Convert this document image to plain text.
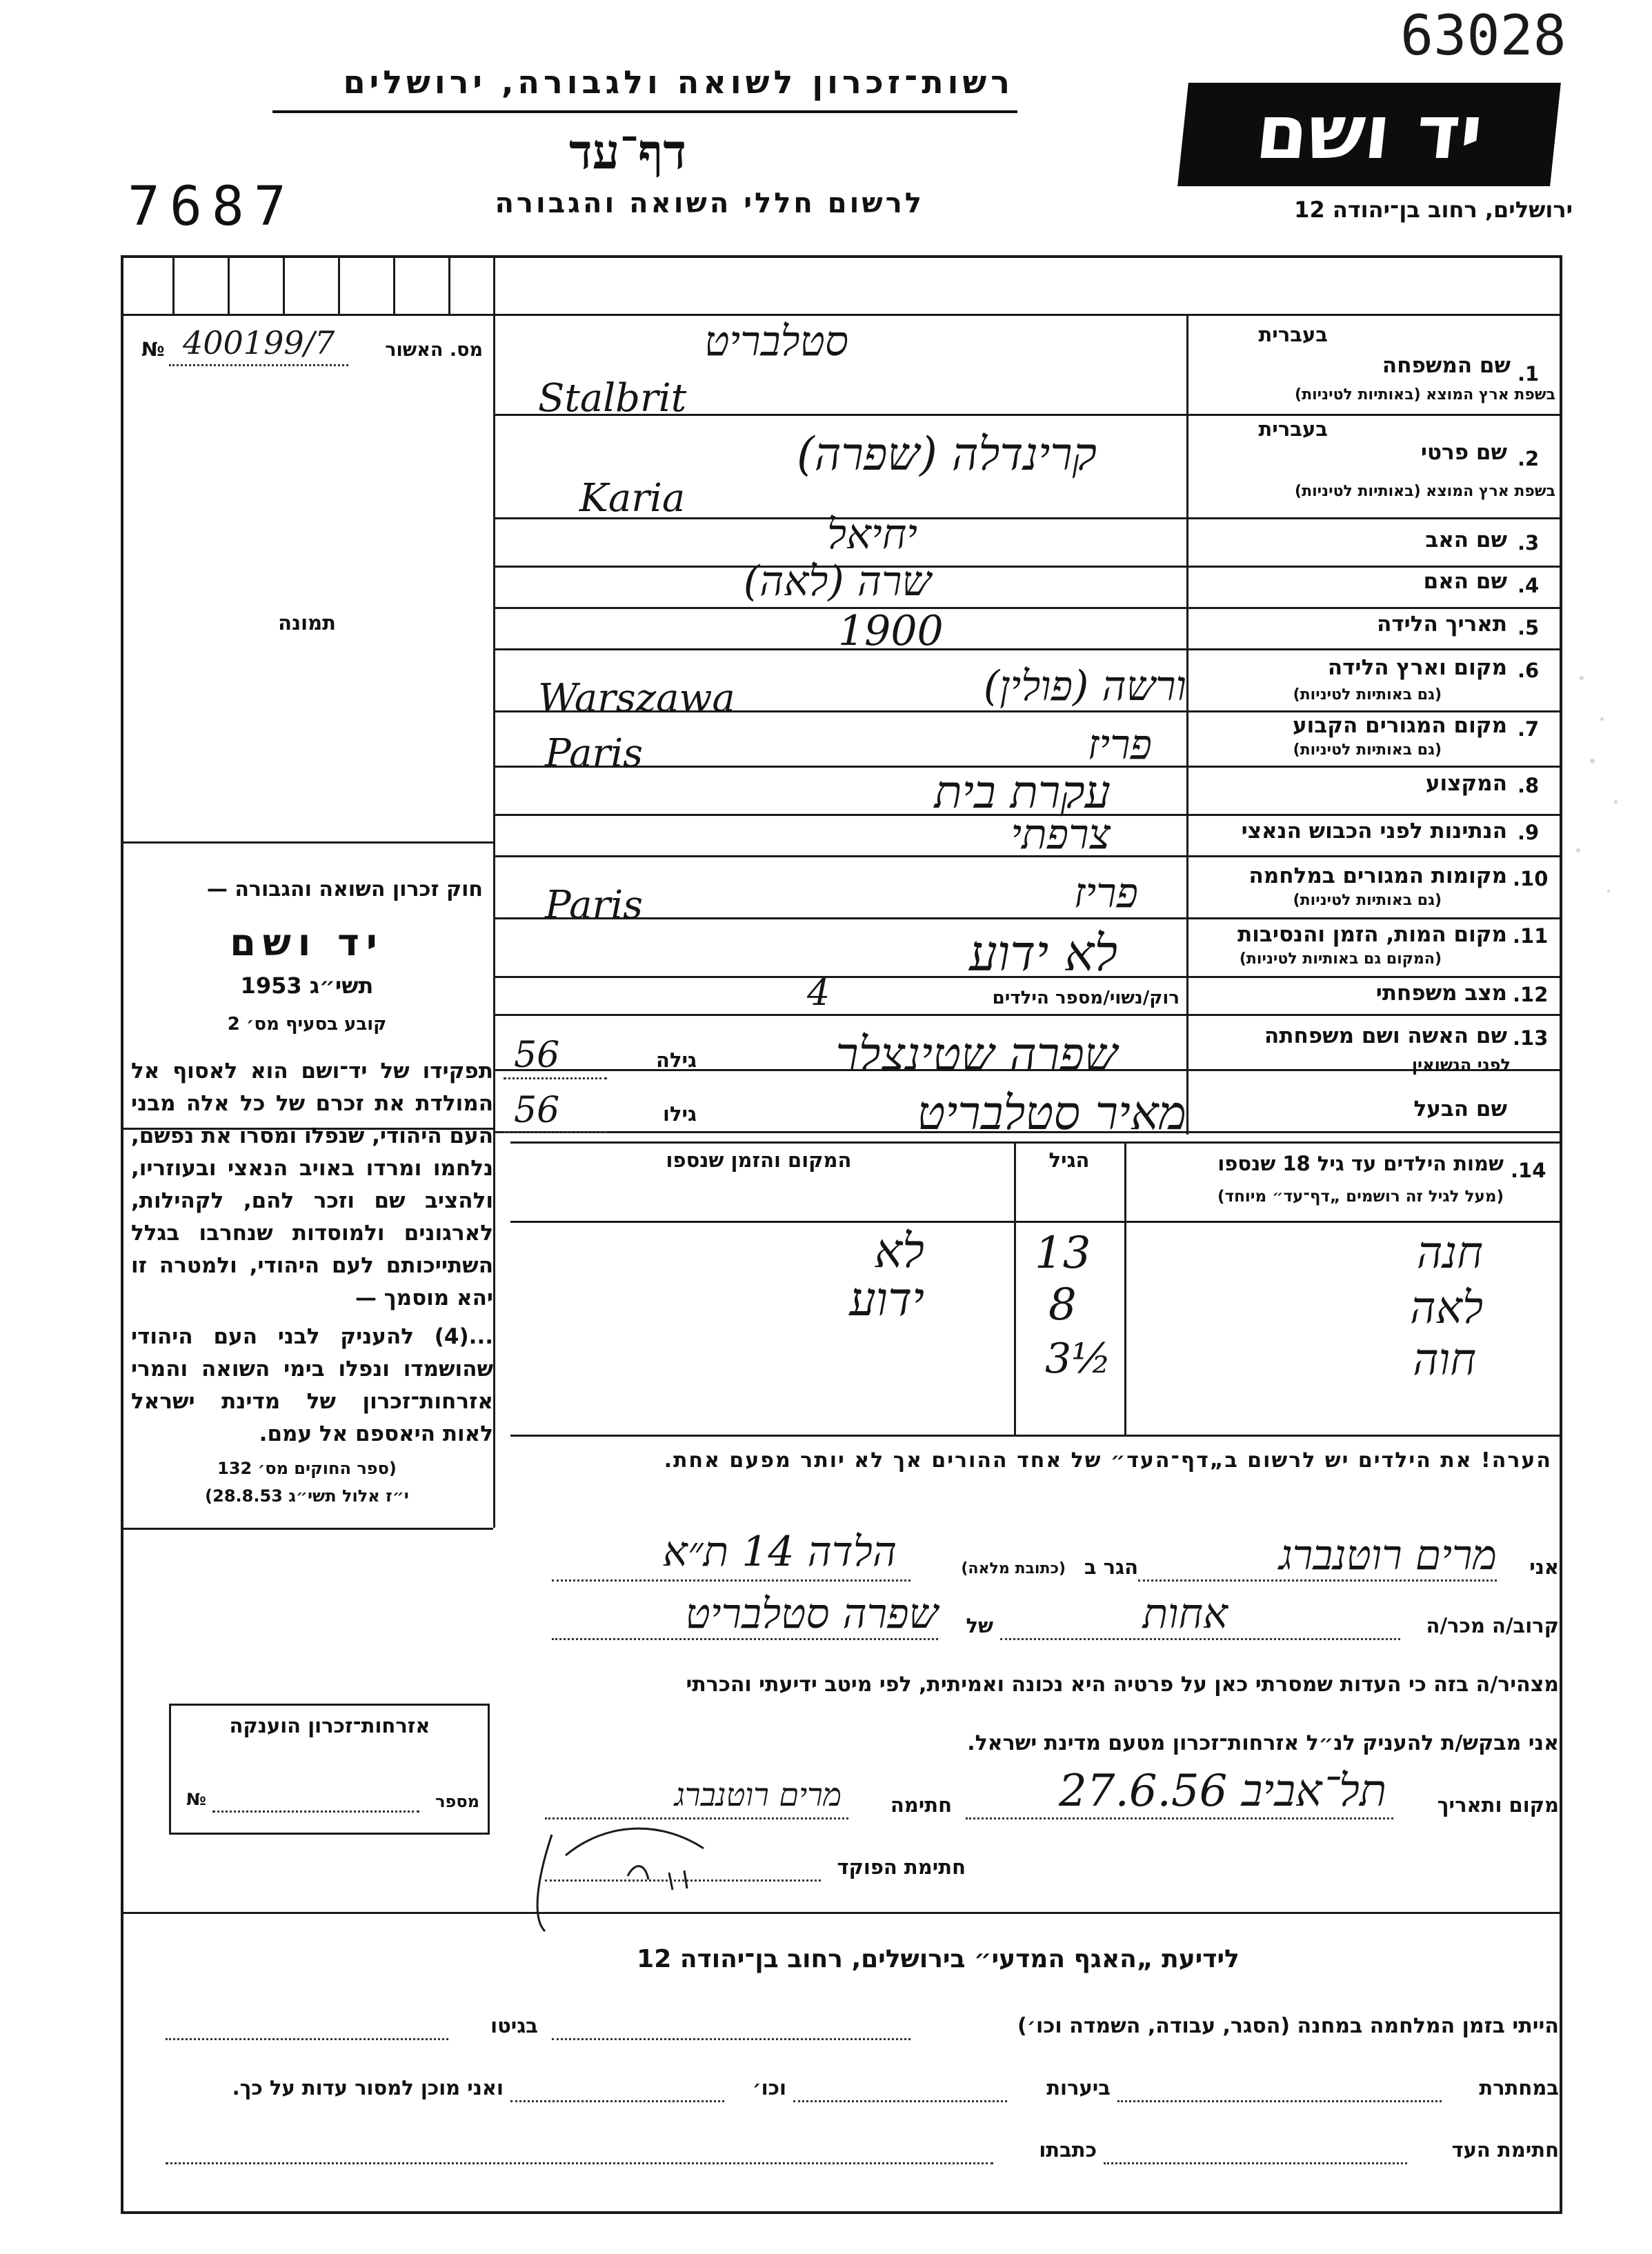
63028
רשות־זכרון לשואה ולגבורה, ירושלים
דף־עד
7687	לרשום חללי השואה והגבורה
יד ושם
ירושלים, רחוב בן־יהודה 12
№ 400199/7	מס. האשור
תמונה
חוק זכרון השואה והגבורה —
יד ושם
תשי״ג 1953
קובע בסעיף מס׳ 2
תפקידו של יד־ושם הוא לאסוף אל המולדת את זכרם של כל אלה מבני העם היהודי, שנפלו ומסרו את נפשם, נלחמו ומרדו באויב הנאצי ובעוזריו, ולהציב שם וזכר להם, לקהילות, לארגונים ולמוסדות שנחרבו בגלל השתייכותם לעם היהודי, ולמטרה זו יהא מוסמך —
...(4) להעניק לבני העם היהודי שהושמדו ונפלו בימי השואה והמרי אזרחות־זכרון של מדינת ישראל לאות היאספם אל עמם.
(ספר החוקים מס׳ 132
י״ז אלול תשי״ג 28.8.53)
1.
בעברית
שם המשפחה
בשפת ארץ המוצא (באותיות לטיניות)
סטלבריט
Stalbrit
2.
בעברית
שם פרטי
בשפת ארץ המוצא (באותיות לטיניות)
קרינדלה (שפרה)
Karia
3.
שם האב
יחיאל
4.
שם האם
שרה (לאה)
5.
תאריך הלידה
1900
6.
מקום וארץ הלידה
(גם באותיות לטיניות)
ורשה (פולין)
Warszawa
7.
מקום המגורים הקבוע
(גם באותיות לטיניות)
פריז
Paris
8.
המקצוע
עקרת בית
9.
הנתינות לפני הכבוש הנאצי
צרפתי
10.
מקומות המגורים במלחמה
(גם באותיות לטיניות)
פריז
Paris
11.
מקום המות, הזמן והנסיבות
(המקום גם באותיות לטיניות)
לא ידוע
12.
מצב משפחתי
רוק/נשוי/מספר הילדים
4
13.
שם האשה ושם משפחתה
לפני הנשואין
שם הבעל
גילה
גילו
56
56
שפרה שטינצלר
מאיר סטלבריט
14.
שמות הילדים עד גיל 18 שנספו
(מעל לגיל זה רושמים „דף־עד״ מיוחד)
הגיל
המקום והזמן שנספו
חנה
13
לא
לאה
8
ידוע
חוה
3½
הערה! את הילדים יש לרשום ב„דף־העד״ של אחד ההורים אך לא יותר מפעם אחת.
אני
מרים רוטנברג
הגר ב
(כתובת מלאה)
הלדה 14 ת״א
קרוב/ה מכר/ה
אחות
של
שפרה סטלבריט
מצהיר/ה בזה כי העדות שמסרתי כאן על פרטיה היא נכונה ואמיתית, לפי מיטב ידיעתי והכרתי
אני מבקש/ת להעניק לנ״ל אזרחות־זכרון מטעם מדינת ישראל.
מקום ותאריך
תל־אביב 27.6.56
חתימה
מרים רוטנברג
חתימת הפוקד
אזרחות־זכרון הוענקה
מספר
№
לידיעת „האגף המדעי״ בירושלים, רחוב בן־יהודה 12
הייתי בזמן המלחמה במחנה (הסגר, עבודה, השמדה וכו׳)
בגיטו
במחתרת
ביערות
וכו׳
ואני מוכן למסור עדות על כך.
חתימת העד
כתבתו
